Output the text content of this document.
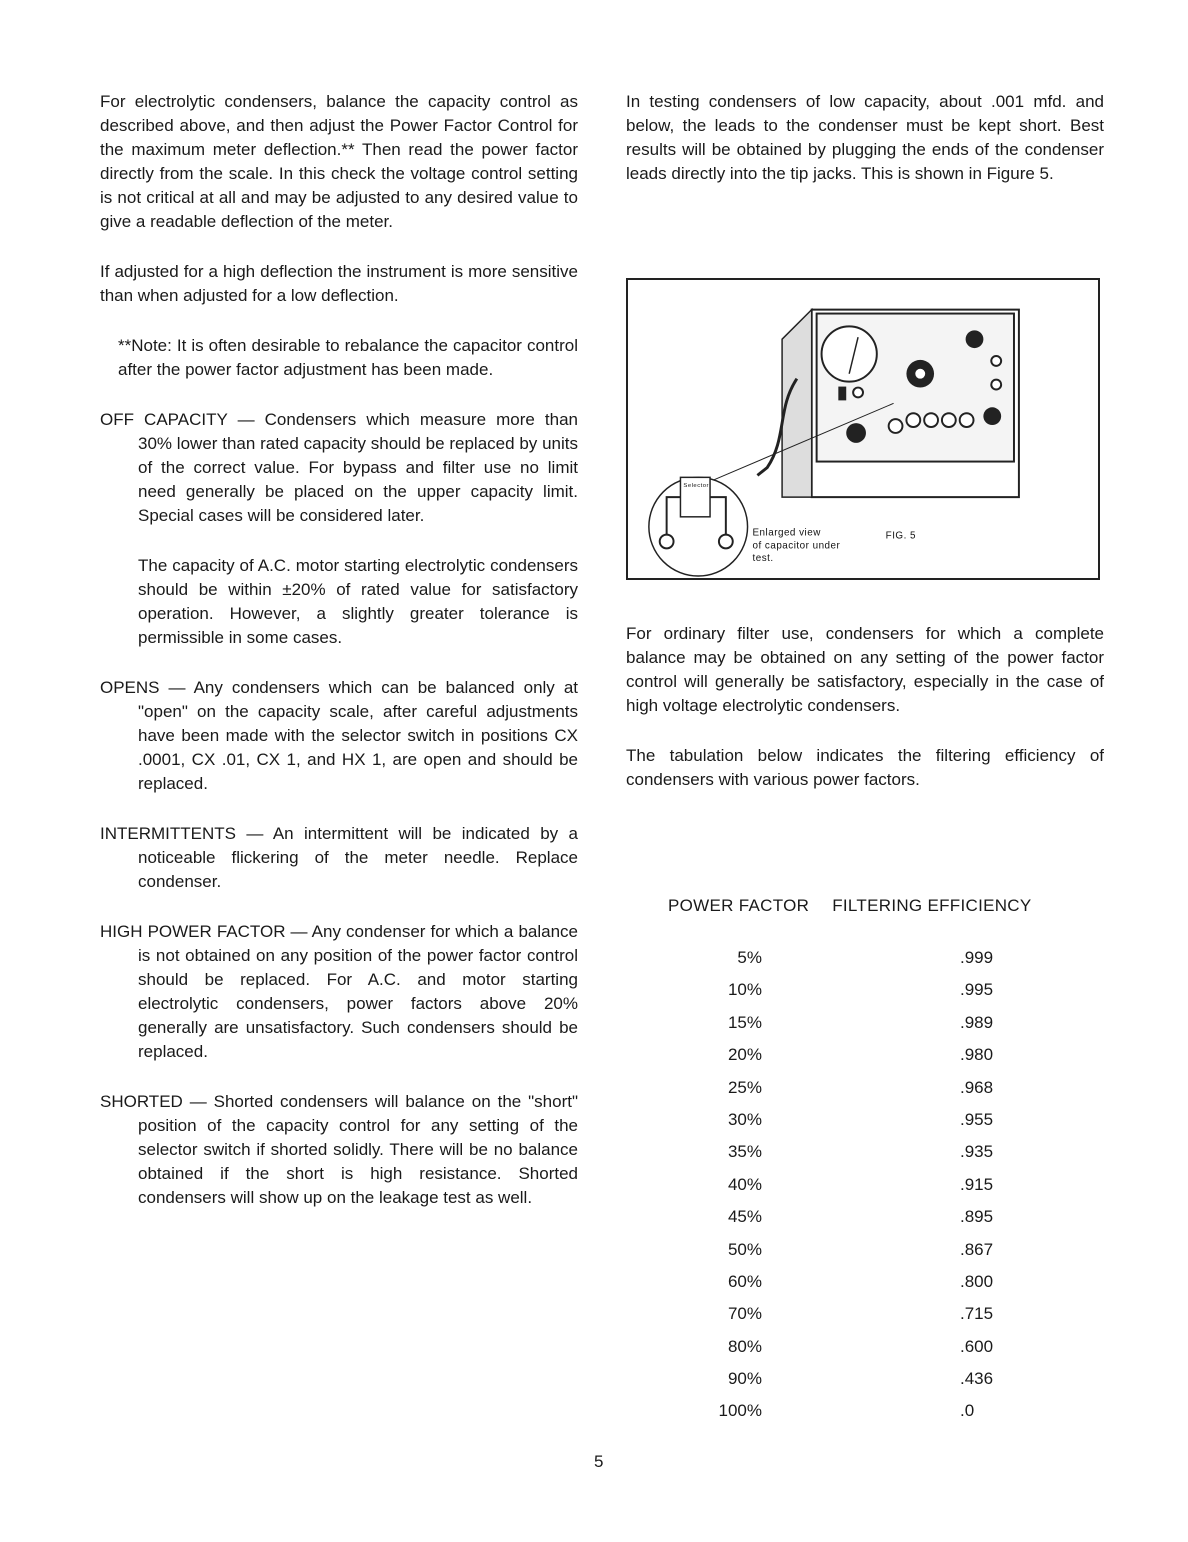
For electrolytic condensers, balance the capacity control as described above, and then adjust the Power Factor Control for the maximum meter deflection.** Then read the power factor directly from the scale. In this check the voltage control setting is not critical at all and may be adjusted to any desired value to give a readable deflection of the meter.

If adjusted for a high deflection the instrument is more sensitive than when adjusted for a low deflection.

**Note: It is often desirable to rebalance the capacitor control after the power factor adjustment has been made.

OFF CAPACITY — Condensers which measure more than 30% lower than rated capacity should be replaced by units of the correct value. For bypass and filter use no limit need generally be placed on the upper capacity limit. Special cases will be considered later.

The capacity of A.C. motor starting electrolytic condensers should be within ±20% of rated value for satisfactory operation. However, a slightly greater tolerance is permissible in some cases.

OPENS — Any condensers which can be balanced only at "open" on the capacity scale, after careful adjustments have been made with the selector switch in positions CX .0001, CX .01, CX 1, and HX 1, are open and should be replaced.

INTERMITTENTS — An intermittent will be indicated by a noticeable flickering of the meter needle. Replace condenser.

HIGH POWER FACTOR — Any condenser for which a balance is not obtained on any position of the power factor control should be replaced. For A.C. and motor starting electrolytic condensers, power factors above 20% generally are unsatisfactory. Such condensers should be replaced.

SHORTED — Shorted condensers will balance on the "short" position of the capacity control for any setting of the selector switch if shorted solidly. There will be no balance obtained if the short is high resistance. Shorted condensers will show up on the leakage test as well.

In testing condensers of low capacity, about .001 mfd. and below, the leads to the condenser must be kept short. Best results will be obtained by plugging the ends of the condenser leads directly into the tip jacks. This is shown in Figure 5.

Selector
Enlarged view
of capacitor under
test.
FIG. 5

For ordinary filter use, condensers for which a complete balance may be obtained on any setting of the power factor control will generally be satisfactory, especially in the case of high voltage electrolytic condensers.

The tabulation below indicates the filtering efficiency of condensers with various power factors.

POWER FACTOR FILTERING EFFICIENCY
5%	.999
10%	.995
15%	.989
20%	.980
25%	.968
30%	.955
35%	.935
40%	.915
45%	.895
50%	.867
60%	.800
70%	.715
80%	.600
90%	.436
100%	.0
5
